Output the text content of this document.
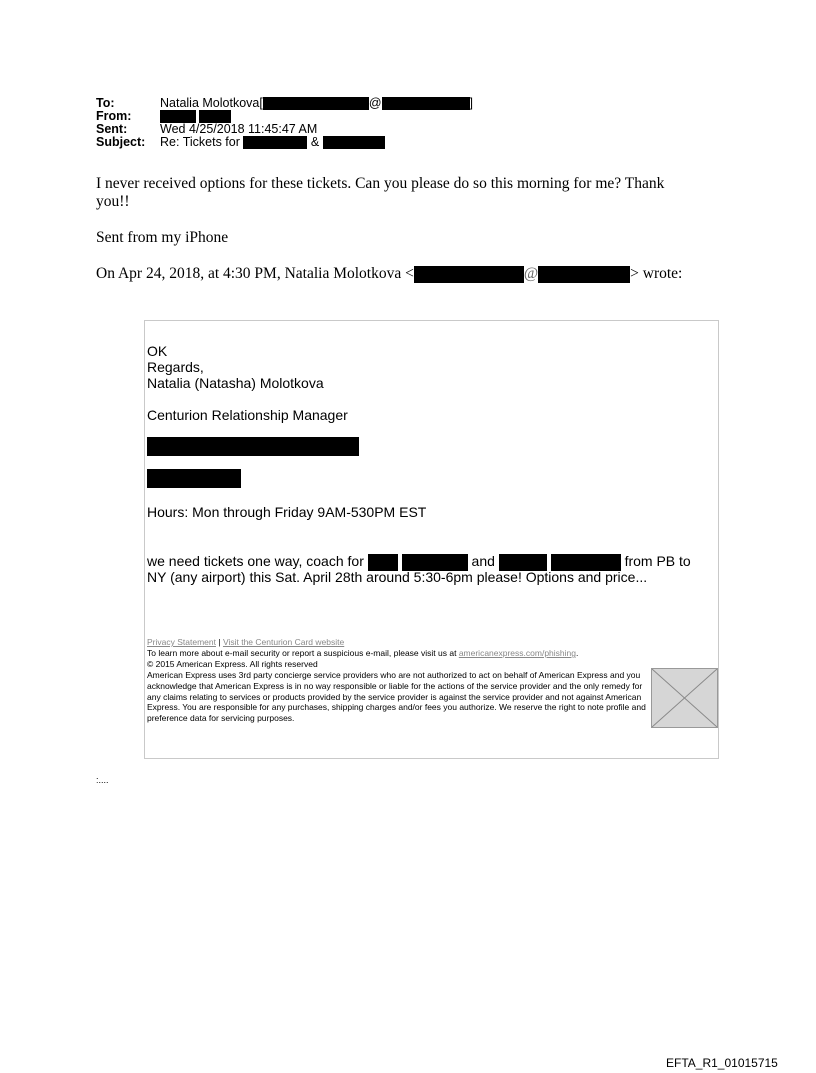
To:	Natalia Molotkova[	@	]
From:

Sent:	Wed 4/25/2018 11:45:47 AM
Subject: Re: Tickets for	&
I never received options for these tickets. Can you please do so this morning for me? Thank
you!!
Sent from my iPhone
On Apr 24, 2018, at 4:30 PM, Natalia Molotkova <	@	> wrote:
OK
Regards,
Natalia (Natasha) Molotkova
Centurion Relationship Manager
Hours: Mon through Friday 9AM-530PM EST
we need tickets one way, coach for	and	from PB to
NY (any airport) this Sat. April 28th around 5:30-6pm please! Options and price...
Privacy Statement | Visit the Centurion Card website
To learn more about e-mail security or report a suspicious e-mail, please visit us at americanexpress.com/phishing.
© 2015 American Express. All rights reserved
American Express uses 3rd party concierge service providers who are not authorized to act on behalf of American Express and you acknowledge that American Express is in no way responsible or liable for the actions of the service provider and the only remedy for any claims relating to services or products provided by the service provider is against the service provider and not against American Express. You are responsible for any purchases, shipping charges and/or fees you authorize. We reserve the right to note profile and preference data for servicing purposes.
:....
EFTA_R1_01015715
